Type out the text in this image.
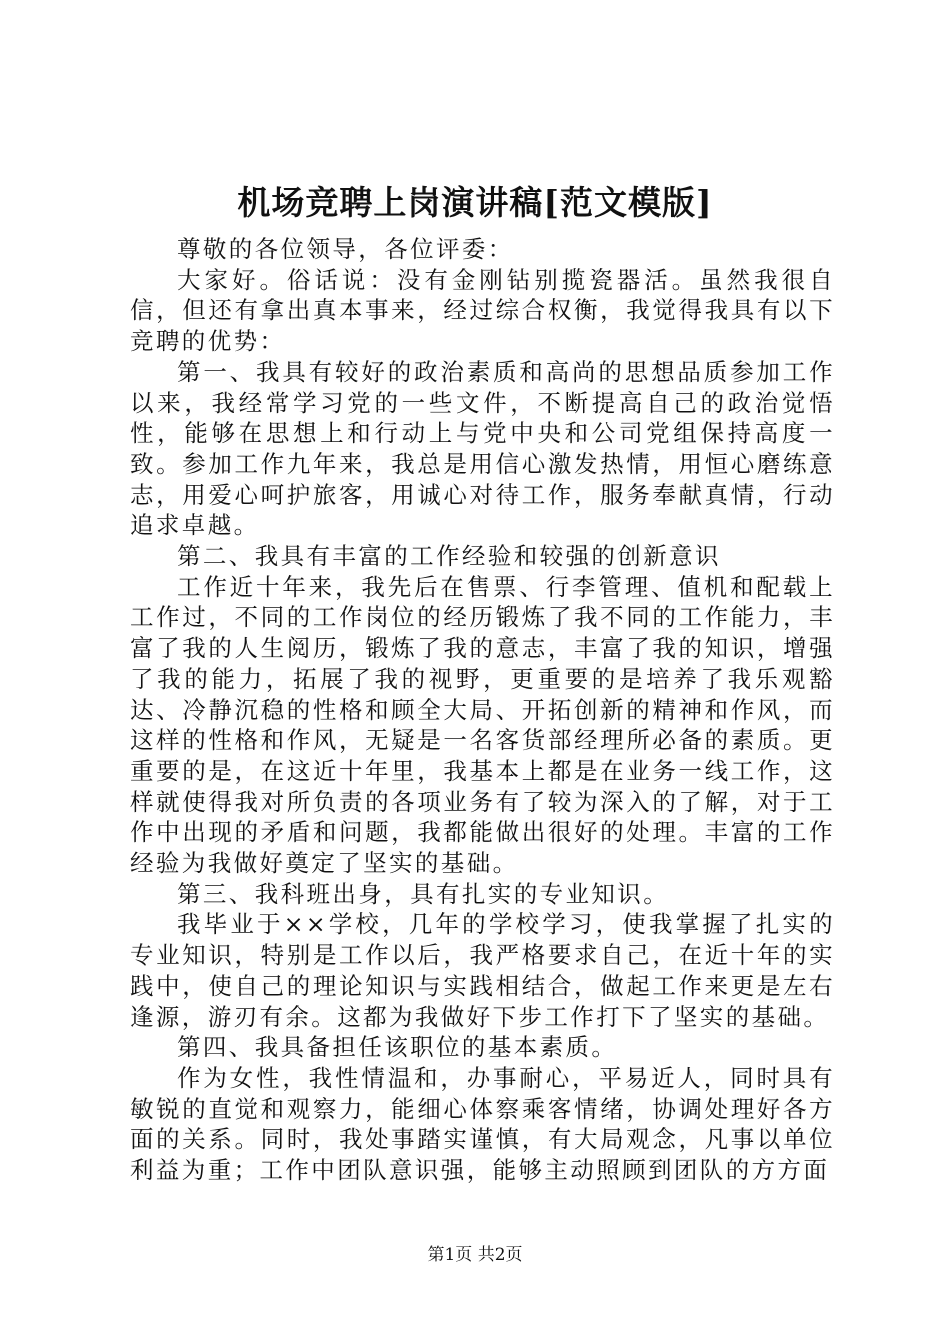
机场竞聘上岗演讲稿[范文模版]

尊敬的各位领导，各位评委：

大家好。俗话说：没有金刚钻别揽瓷器活。虽然我很自信，但还有拿出真本事来，经过综合权衡，我觉得我具有以下竞聘的优势：

第一、我具有较好的政治素质和高尚的思想品质参加工作以来，我经常学习党的一些文件，不断提高自己的政治觉悟性，能够在思想上和行动上与党中央和公司党组保持高度一致。参加工作九年来，我总是用信心激发热情，用恒心磨练意志，用爱心呵护旅客，用诚心对待工作，服务奉献真情，行动追求卓越。

第二、我具有丰富的工作经验和较强的创新意识

工作近十年来，我先后在售票、行李管理、值机和配载上工作过，不同的工作岗位的经历锻炼了我不同的工作能力，丰富了我的人生阅历，锻炼了我的意志，丰富了我的知识，增强了我的能力，拓展了我的视野，更重要的是培养了我乐观豁达、冷静沉稳的性格和顾全大局、开拓创新的精神和作风，而这样的性格和作风，无疑是一名客货部经理所必备的素质。更重要的是，在这近十年里，我基本上都是在业务一线工作，这样就使得我对所负责的各项业务有了较为深入的了解，对于工作中出现的矛盾和问题，我都能做出很好的处理。丰富的工作经验为我做好奠定了坚实的基础。

第三、我科班出身，具有扎实的专业知识。

我毕业于××学校，几年的学校学习，使我掌握了扎实的专业知识，特别是工作以后，我严格要求自己，在近十年的实践中，使自己的理论知识与实践相结合，做起工作来更是左右逢源，游刃有余。这都为我做好下步工作打下了坚实的基础。

第四、我具备担任该职位的基本素质。

作为女性，我性情温和，办事耐心，平易近人，同时具有敏锐的直觉和观察力，能细心体察乘客情绪，协调处理好各方面的关系。同时，我处事踏实谨慎，有大局观念，凡事以单位利益为重；工作中团队意识强，能够主动照顾到团队的方方面

第1页 共2页
